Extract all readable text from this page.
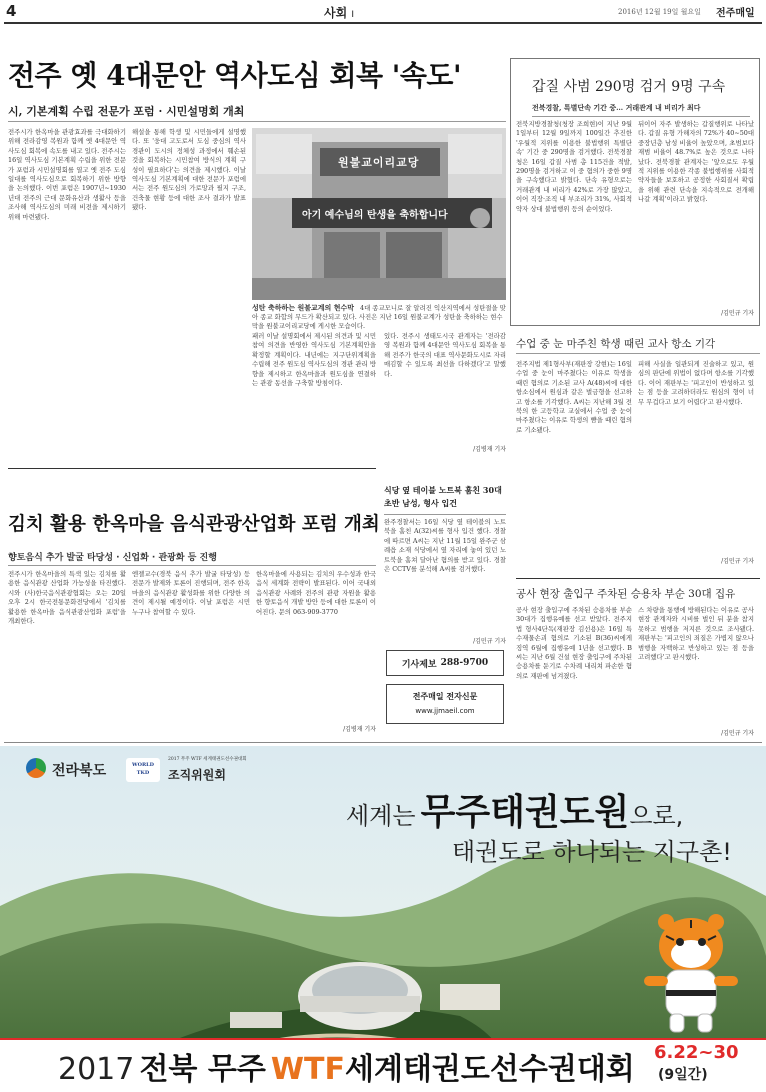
4	사회 I	2016년 12월 19일 월요일 전주매일
전주 옛 4대문안 역사도심 회복 '속도'
시, 기본계획 수립 전문가 포럼 · 시민설명회 개최
전주시가 한옥마을 관광효과를 극대화하기 위해 전라감영 복원과 함께 옛 4대문안 역사도심 회복에 속도를 내고 있다. 전주시는 16일 역사도심 기본계획 수립을 위한 전문가 포럼과 시민설명회를 열고 옛 전주 도심 일대를 역사도심으로 회복하기 위한 방향을 논의했다. 이번 포럼은 1907년~1930년대 전주의 근대 문화유산과 생활사 등을 조사해 역사도심의 미래 비전을 제시하기 위해 마련됐다.
해설을 통해 학생 및 시민들에게 설명했다. 또 '웅대 고도로서 도심 중심의 역사경관이 도시의 정체성 과정에서 훼손된 것을 회복하는 시민참여 방식의 계획 구성이 필요하다'는 의견을 제시했다. 이날 역사도심 기본계획에 대한 전문가 포럼에서는 전주 원도심의 가로망과 필지 구조, 건축물 현황 등에 대한 조사 결과가 발표됐다.
원불교이리교당
아기 예수님의 탄생을 축하합니다
성탄 축하하는 원불교계의 현수막 4대 종교모니로 잘 알려진 익산지역에서 성탄절을 맞아 종교 화합의 무드가 확산되고 있다. 사진은 지난 16일 원불교계가 성탄을 축하하는 현수막을 원불교이리교당에 게시한 모습이다.
패러 이날 설명회에서 제시된 의견과 및 시민참여 의견을 반영한 역사도심 기본계획안을 확정할 계획이다. 내년에는 지구단위계획을 수립해 전주 원도심 역사도심의 경관 관리 방향을 제시하고 한옥마을과 원도심을 연결하는 관광 동선을 구축할 방침이다.
있다. 전주시 생태도시국 관계자는 '전라감영 복원과 함께 4대문안 역사도심 회복을 통해 전주가 한국의 대표 역사문화도시로 자리매김할 수 있도록 최선을 다하겠다'고 말했다.
/김병재 기자
갑질 사범 290명 검거 9명 구속
전북경찰, 특별단속 기간 중… 거래관계 내 비리가 최다
전북지방경찰청(청장 조희현)이 지난 9월 1일부터 12월 9일까지 100일간 추진한 '우월적 지위를 이용한 불법행위 특별단속' 기간 중 290명을 검거했다. 전북경찰청은 16일 갑질 사범 총 115건을 적발, 290명을 검거하고 이 중 혐의가 중한 9명을 구속했다고 밝혔다. 단속 유형으로는 거래관계 내 비리가 42%로 가장 많았고, 이어 직장·조직 내 부조리가 31%, 사회적 약자 상대 불법행위 등의 순이었다.
뒤이어 자주 발생하는 갑질행위로 나타났다. 갑질 유형 가해자의 72%가 40~50대 중장년층 남성 비율이 높았으며, 초범보다 재범 비율이 48.7%로 높은 것으로 나타났다. 전북경찰 관계자는 '앞으로도 우월적 지위를 이용한 각종 불법행위를 사회적 약자들을 보호하고 공정한 사회질서 확립을 위해 관련 단속을 지속적으로 전개해 나갈 계획'이라고 밝혔다.
/김민규 기자
수업 중 눈 마주친 학생 때린 교사 항소 기각
전주지법 제1형사부(재판장 강현)는 16일 수업 중 눈이 마주쳤다는 이유로 학생을 때린 혐의로 기소된 교사 A(48)씨에 대한 항소심에서 원심과 같은 벌금형을 선고하고 항소를 기각했다. A씨는 지난해 3월 전북의 한 고등학교 교실에서 수업 중 눈이 마주쳤다는 이유로 학생의 뺨을 때린 혐의로 기소됐다.
피해 사실을 일관되게 진술하고 있고, 원심의 판단에 위법이 없다며 항소를 기각했다. 이어 재판부는 '피고인이 반성하고 있는 점 등을 고려하더라도 원심의 형이 너무 무겁다고 보기 어렵다'고 판시했다.
/김민규 기자
공사 현장 출입구 주차된 승용차 부순 30대 집유
공사 현장 출입구에 주차된 승용차를 부순 30대가 집행유예를 선고 받았다. 전주지법 형사4단독(재판장 김선용)은 16일 특수재물손괴 혐의로 기소된 B(36)씨에게 징역 6월에 집행유예 1년을 선고했다. B씨는 지난 6월 건설 현장 출입구에 주차된 승용차를 둔기로 수차례 내리쳐 파손한 혐의로 재판에 넘겨졌다.
스 차량을 통행에 방해된다는 이유로 공사 현장 관계자와 시비를 벌인 뒤 분을 참지 못하고 범행을 저지른 것으로 조사됐다. 재판부는 '피고인의 죄질은 가볍지 않으나 범행을 자백하고 반성하고 있는 점 등을 고려했다'고 판시했다.
/김민규 기자
김치 활용 한옥마을 음식관광산업화 포럼 개최
향토음식 추가 발굴 타당성 · 신업화 · 관광화 등 진행
전주시가 한옥마을의 특색 있는 김치를 활용한 음식관광 산업화 가능성을 타진했다. 시와 (사)한국음식관광협회는 오는 20일 오후 2시 한국전통문화전당에서 '김치를 활용한 한옥마을 음식관광산업화 포럼'을 개최한다.
엔젤교수(경북 음식 추가 발굴 타당성) 등 전문가 발제와 토론이 진행되며, 전주 한옥마을의 음식관광 활성화를 위한 다양한 의견이 제시될 예정이다. 이날 포럼은 시민 누구나 참여할 수 있다.
한옥마을에 사용되는 김치의 우수성과 한국음식 세계화 전략이 발표된다. 이어 국내외 음식관광 사례와 전주의 관광 자원을 활용한 향토음식 개발 방안 등에 대한 토론이 이어진다. 문의 063-909-3770
/김병재 기자
식당 옆 테이블 노트북 훔친 30대 초반 남성, 형사 입건
완주경찰서는 16일 식당 옆 테이블의 노트북을 훔친 A(32)씨를 형사 입건 했다. 경찰에 따르면 A씨는 지난 11월 15일 완주군 삼례읍 소재 식당에서 옆 자리에 놓여 있던 노트북을 훔쳐 달아난 혐의를 받고 있다. 경찰은 CCTV를 분석해 A씨를 검거했다.
/김민규 기자
기사제보 288-9700
전주매일 전자신문
www.jjmaeil.com
전라북도	WORLD
TKD
2017 무주 WTF 세계태권도선수권대회
조직위원회
세계는 무주태권도원으로,
태권도로 하나되는 지구촌!
2017 전북 무주 WTF세계태권도선수권대회 6.22~30
(9일간)
